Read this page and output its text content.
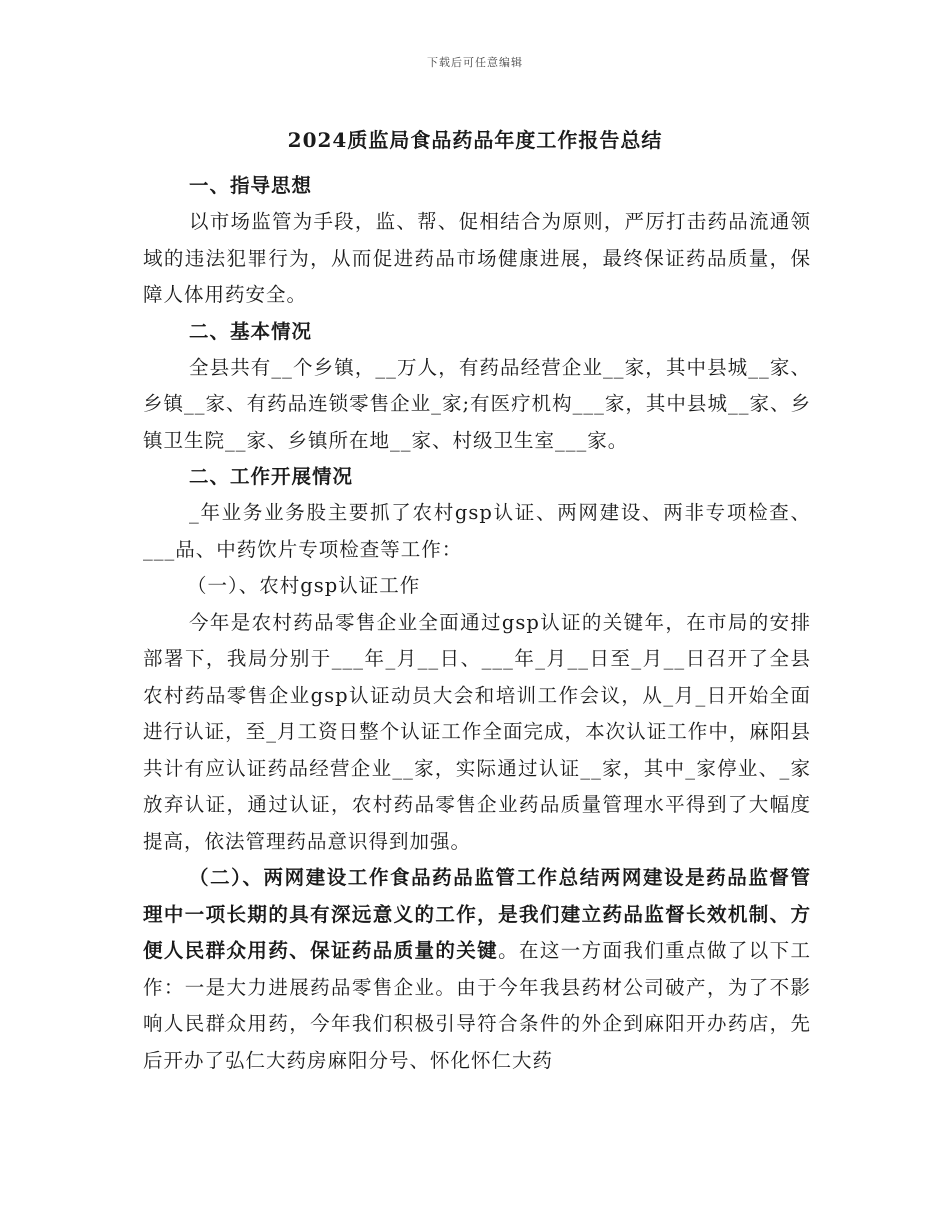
下载后可任意编辑
2024质监局食品药品年度工作报告总结
一、指导思想

以市场监管为手段，监、帮、促相结合为原则，严厉打击药品流通领域的违法犯罪行为，从而促进药品市场健康进展，最终保证药品质量，保障人体用药安全。

二、基本情况

全县共有__个乡镇，__万人，有药品经营企业__家，其中县城__家、乡镇__家、有药品连锁零售企业_家;有医疗机构___家，其中县城__家、乡镇卫生院__家、乡镇所在地__家、村级卫生室___家。

二、工作开展情况

_年业务业务股主要抓了农村gsp认证、两网建设、两非专项检查、___品、中药饮片专项检查等工作：

（一）、农村gsp认证工作

今年是农村药品零售企业全面通过gsp认证的关键年，在市局的安排部署下，我局分别于___年_月__日、___年_月__日至_月__日召开了全县农村药品零售企业gsp认证动员大会和培训工作会议，从_月_日开始全面进行认证，至_月工资日整个认证工作全面完成，本次认证工作中，麻阳县共计有应认证药品经营企业__家，实际通过认证__家，其中_家停业、_家放弃认证，通过认证，农村药品零售企业药品质量管理水平得到了大幅度提高，依法管理药品意识得到加强。

（二）、两网建设工作食品药品监管工作总结两网建设是药品监督管理中一项长期的具有深远意义的工作，是我们建立药品监督长效机制、方便人民群众用药、保证药品质量的关键。在这一方面我们重点做了以下工作：一是大力进展药品零售企业。由于今年我县药材公司破产，为了不影响人民群众用药，今年我们积极引导符合条件的外企到麻阳开办药店，先后开办了弘仁大药房麻阳分号、怀化怀仁大药
